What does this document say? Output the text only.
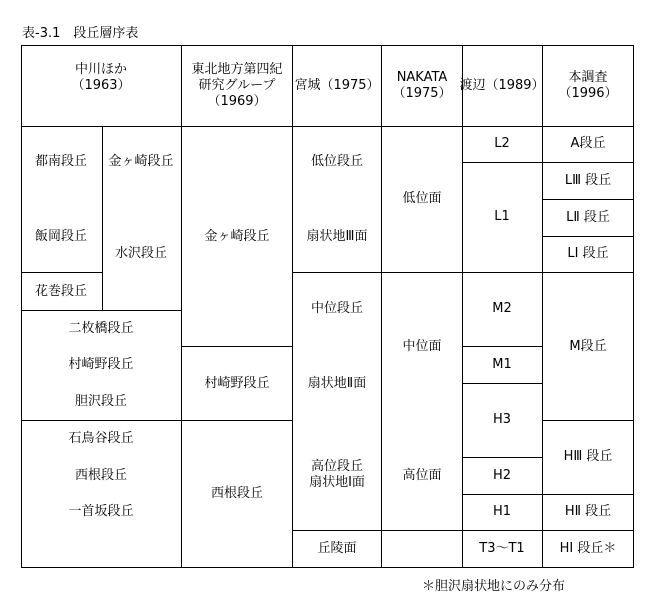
表-3.1　段丘層序表
中川ほか
（1963）
東北地方第四紀
研究グループ
（1969）
宮城（1975）
NAKATA
（1975）
渡辺（1989）
本調査
（1996）
都南段丘
飯岡段丘
花巻段丘
金ヶ崎段丘
水沢段丘
二枚橋段丘
村崎野段丘
胆沢段丘
石鳥谷段丘
西根段丘
一首坂段丘
金ヶ崎段丘
村崎野段丘
西根段丘
低位段丘
扇状地Ⅲ面
中位段丘
扇状地Ⅱ面
高位段丘
扇状地Ⅰ面
丘陵面
低位面
中位面
高位面
L2
L1
M2
M1
H3
H2
H1
T3～T1
A段丘
LⅢ 段丘
LⅡ 段丘
LⅠ 段丘
M段丘
HⅢ 段丘
HⅡ 段丘
HⅠ 段丘＊
＊胆沢扇状地にのみ分布
